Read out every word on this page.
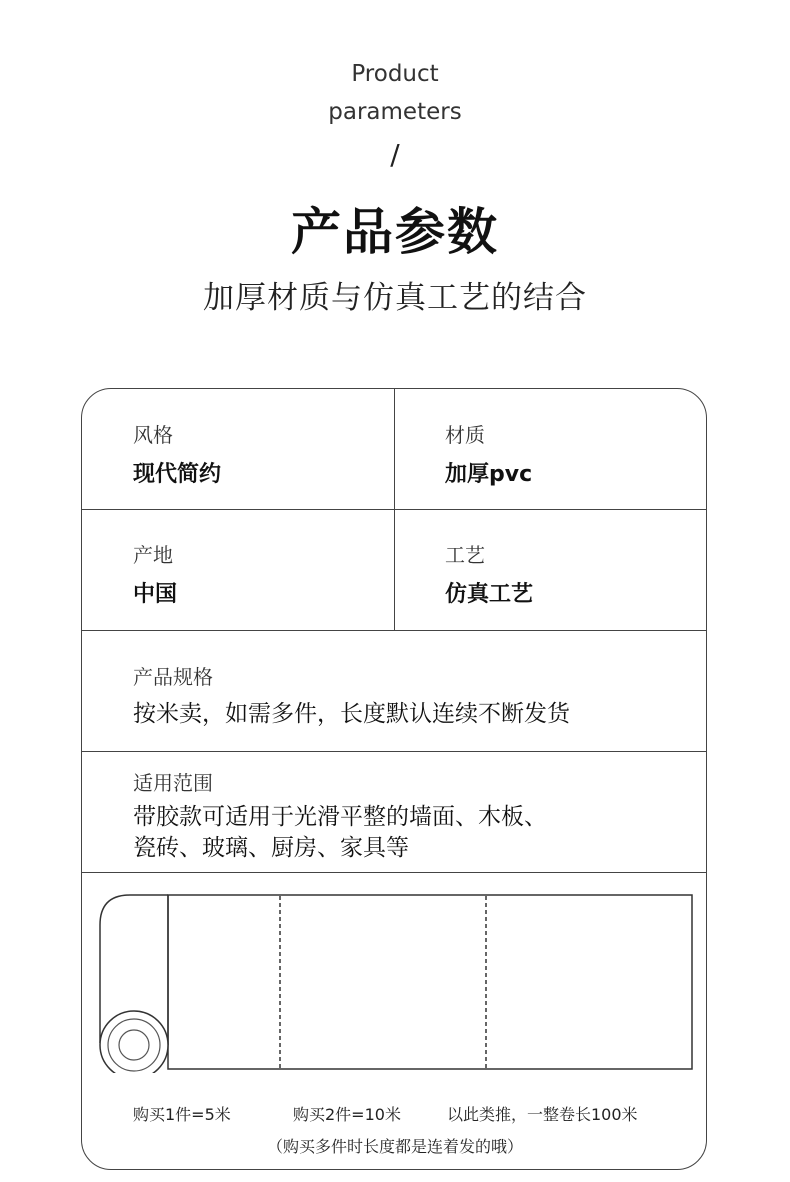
Product
parameters
/
产品参数
加厚材质与仿真工艺的结合
风格
现代简约
材质
加厚pvc
产地
中国
工艺
仿真工艺
产品规格
按米卖，如需多件，长度默认连续不断发货
适用范围
带胶款可适用于光滑平整的墙面、木板、
瓷砖、玻璃、厨房、家具等
购买1件=5米	购买2件=10米	以此类推，一整卷长100米
（购买多件时长度都是连着发的哦）
